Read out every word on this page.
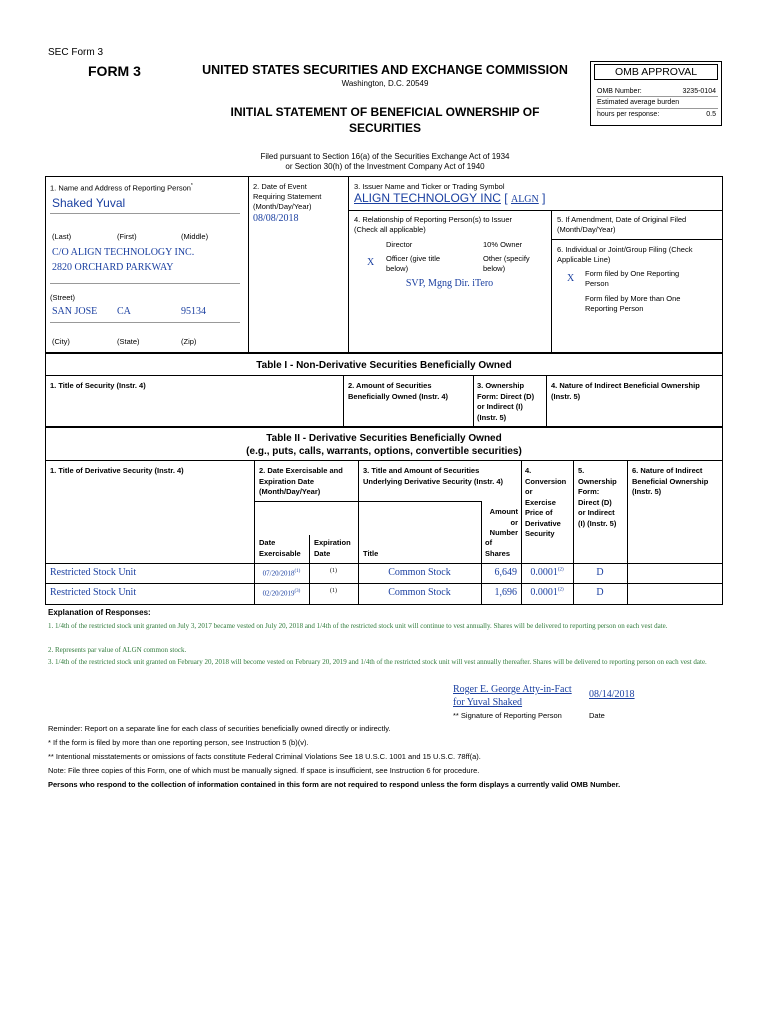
SEC Form 3
FORM 3	UNITED STATES SECURITIES AND EXCHANGE COMMISSION
Washington, D.C. 20549
INITIAL STATEMENT OF BENEFICIAL OWNERSHIP OF
SECURITIES
Filed pursuant to Section 16(a) of the Securities Exchange Act of 1934
or Section 30(h) of the Investment Company Act of 1940
OMB APPROVAL
OMB Number:	3235-0104
Estimated average burden
hours per response:	0.5
1. Name and Address of Reporting Person*
Shaked Yuval
(Last)	(First)	(Middle)
C/O ALIGN TECHNOLOGY INC.
2820 ORCHARD PARKWAY
(Street)
SAN JOSE CA	95134
(City)	(State)	(Zip)
2. Date of Event
Requiring Statement
(Month/Day/Year)
08/08/2018
3. Issuer Name and Ticker or Trading Symbol
ALIGN TECHNOLOGY INC [ ALGN ]
4. Relationship of Reporting Person(s) to Issuer
(Check all applicable)
Director	10% Owner
X Officer (give title
below)
Other (specify
below)
SVP, Mgng Dir. iTero
5. If Amendment, Date of Original Filed
(Month/Day/Year)
6. Individual or Joint/Group Filing (Check
Applicable Line)
X Form filed by One Reporting
Person
Form filed by More than One
Reporting Person
Table I - Non-Derivative Securities Beneficially Owned
1. Title of Security (Instr. 4)	2. Amount of Securities
Beneficially Owned (Instr. 4)
3. Ownership
Form: Direct (D)
or Indirect (I)
(Instr. 5)
4. Nature of Indirect Beneficial Ownership
(Instr. 5)
Table II - Derivative Securities Beneficially Owned
(e.g., puts, calls, warrants, options, convertible securities)
1. Title of Derivative Security (Instr. 4)	2. Date Exercisable and
Expiration Date
(Month/Day/Year)
3. Title and Amount of Securities
Underlying Derivative Security (Instr. 4)
4.
Conversion
or
Exercise
Price of
Derivative
Security
5.
Ownership
Form:
Direct (D)
or Indirect
(I) (Instr. 5)
6. Nature of Indirect
Beneficial Ownership
(Instr. 5)
Date
Exercisable
Expiration
Date	Title
Amount
or
Number
of
Shares
Restricted Stock Unit	07/20/2018$^{(1)}$	(1)	Common Stock	6,649	0.0001$^{(2)}$	D
Restricted Stock Unit	02/20/2019$^{(3)}$	(1)	Common Stock	1,696	0.0001$^{(2)}$	D
Explanation of Responses:
1. 1/4th of the restricted stock unit granted on July 3, 2017 became vested on July 20, 2018 and 1/4th of the restricted stock unit will continue to vest annually. Shares will be delivered to reporting person on each vest date.
2. Represents par value of ALGN common stock.
3. 1/4th of the restricted stock unit granted on February 20, 2018 will become vested on February 20, 2019 and 1/4th of the restricted stock unit will vest annually thereafter. Shares will be delivered to reporting person on each vest date.
Roger E. George Atty-in-Fact
for Yuval Shaked
08/14/2018
** Signature of Reporting Person	Date
Reminder: Report on a separate line for each class of securities beneficially owned directly or indirectly.
* If the form is filed by more than one reporting person, see Instruction 5 (b)(v).
** Intentional misstatements or omissions of facts constitute Federal Criminal Violations See 18 U.S.C. 1001 and 15 U.S.C. 78ff(a).
Note: File three copies of this Form, one of which must be manually signed. If space is insufficient, see Instruction 6 for procedure.
Persons who respond to the collection of information contained in this form are not required to respond unless the form displays a currently valid OMB Number.
